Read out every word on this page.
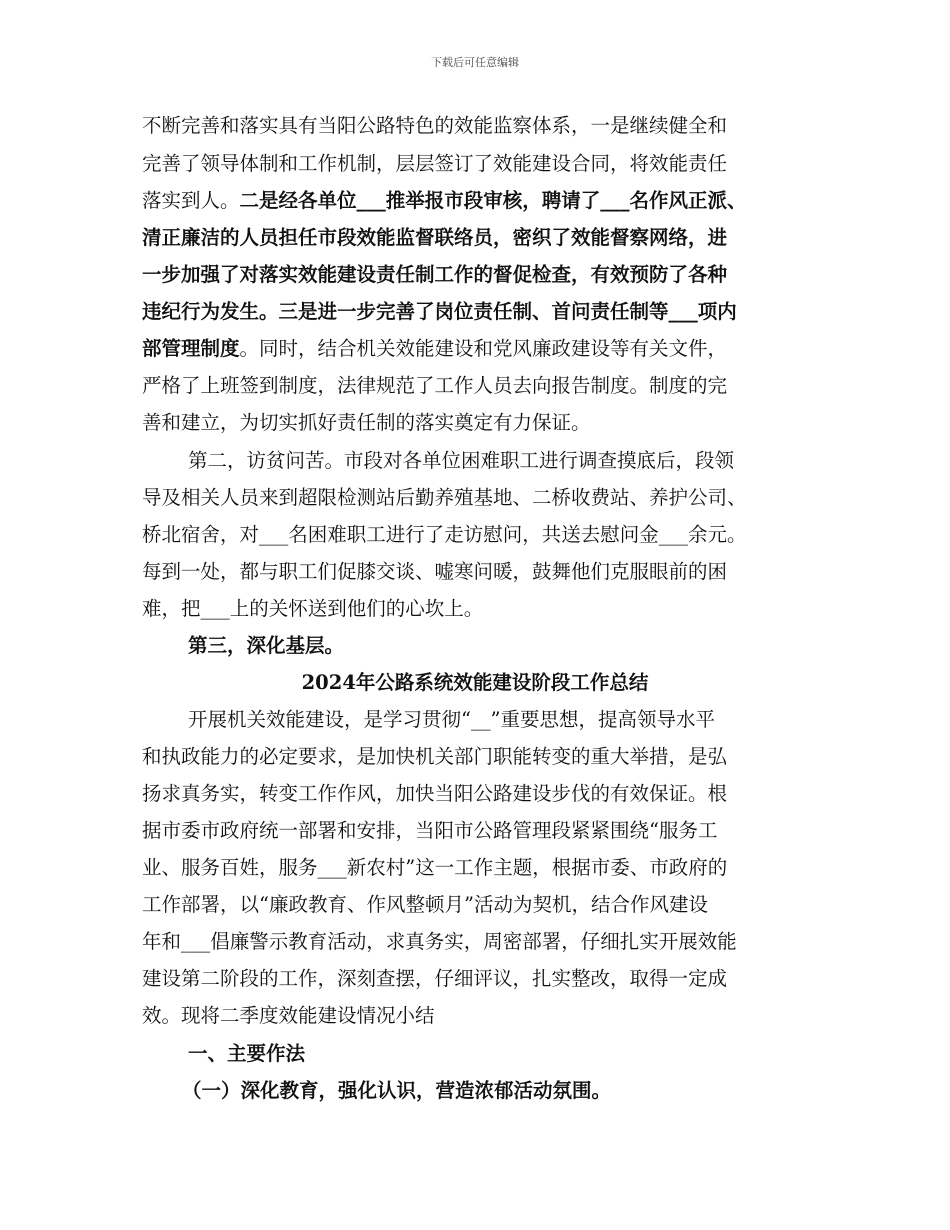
下载后可任意编辑
不断完善和落实具有当阳公路特色的效能监察体系，一是继续健全和
完善了领导体制和工作机制，层层签订了效能建设合同，将效能责任
落实到人。二是经各单位___推举报市段审核，聘请了___名作风正派、
清正廉洁的人员担任市段效能监督联络员，密织了效能督察网络，进
一步加强了对落实效能建设责任制工作的督促检查，有效预防了各种
违纪行为发生。三是进一步完善了岗位责任制、首问责任制等___项内
部管理制度。同时，结合机关效能建设和党风廉政建设等有关文件，
严格了上班签到制度，法律规范了工作人员去向报告制度。制度的完
善和建立，为切实抓好责任制的落实奠定有力保证。
第二，访贫问苦。市段对各单位困难职工进行调查摸底后，段领
导及相关人员来到超限检测站后勤养殖基地、二桥收费站、养护公司、
桥北宿舍，对___名困难职工进行了走访慰问，共送去慰问金___余元。
每到一处，都与职工们促膝交谈、嘘寒问暖，鼓舞他们克服眼前的困
难，把___上的关怀送到他们的心坎上。
第三，深化基层。
2024年公路系统效能建设阶段工作总结
开展机关效能建设，是学习贯彻“__”重要思想，提高领导水平
和执政能力的必定要求，是加快机关部门职能转变的重大举措，是弘
扬求真务实，转变工作作风，加快当阳公路建设步伐的有效保证。根
据市委市政府统一部署和安排，当阳市公路管理段紧紧围绕“服务工
业、服务百姓，服务___新农村”这一工作主题，根据市委、市政府的
工作部署，以“廉政教育、作风整顿月”活动为契机，结合作风建设
年和___倡廉警示教育活动，求真务实，周密部署，仔细扎实开展效能
建设第二阶段的工作，深刻查摆，仔细评议，扎实整改，取得一定成
效。现将二季度效能建设情况小结
一、主要作法
（一）深化教育，强化认识，营造浓郁活动氛围。
